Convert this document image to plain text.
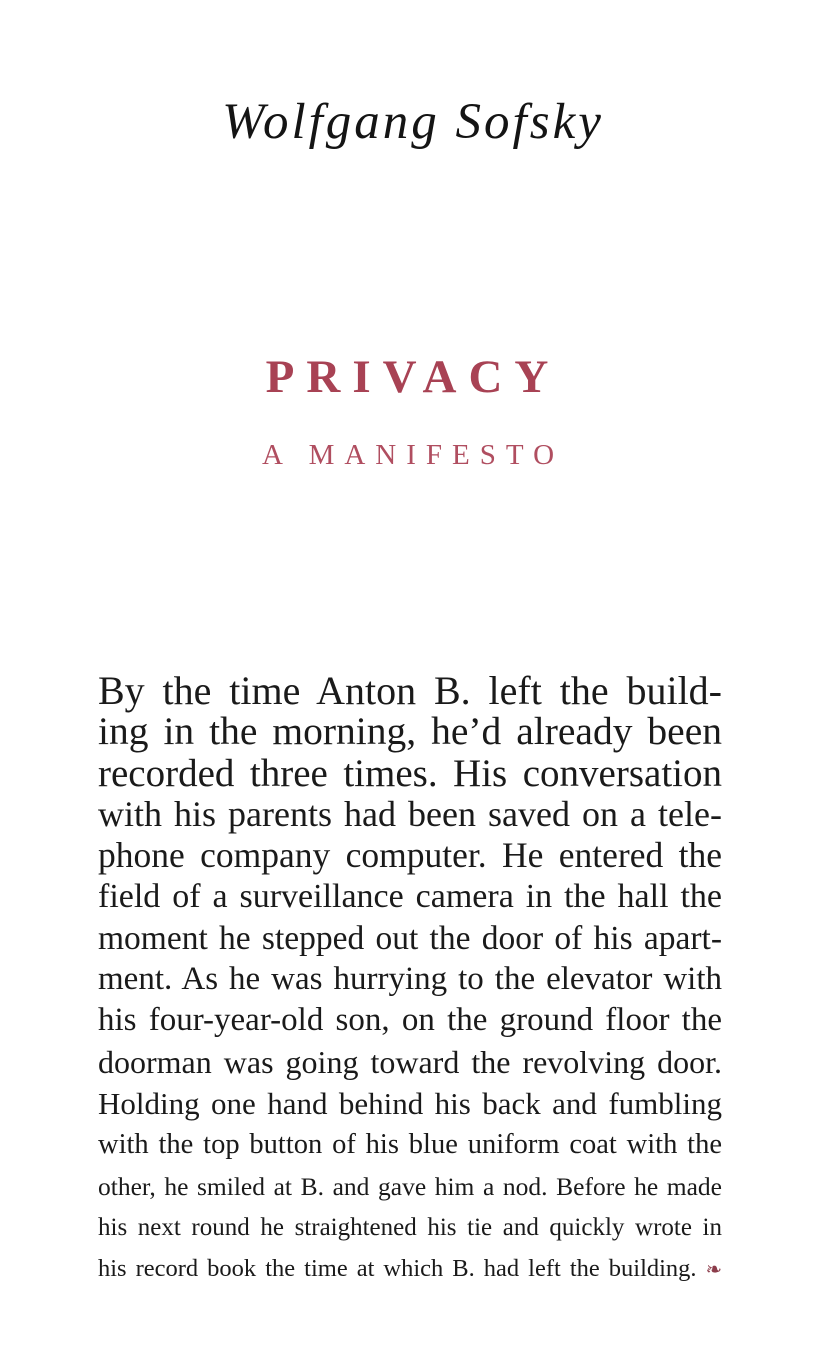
Wolfgang Sofsky
PRIVACY
A MANIFESTO
By the time Anton B. left the build-
ing in the morning, he’d already been
recorded three times. His conversation
with his parents had been saved on a tele-
phone company computer. He entered the
field of a surveillance camera in the hall the
moment he stepped out the door of his apart-
ment. As he was hurrying to the elevator with
his four-year-old son, on the ground floor the
doorman was going toward the revolving door.
Holding one hand behind his back and fumbling
with the top button of his blue uniform coat with the
other, he smiled at B. and gave him a nod. Before he made
his next round he straightened his tie and quickly wrote in
his record book the time at which B. had left the building. ❧
